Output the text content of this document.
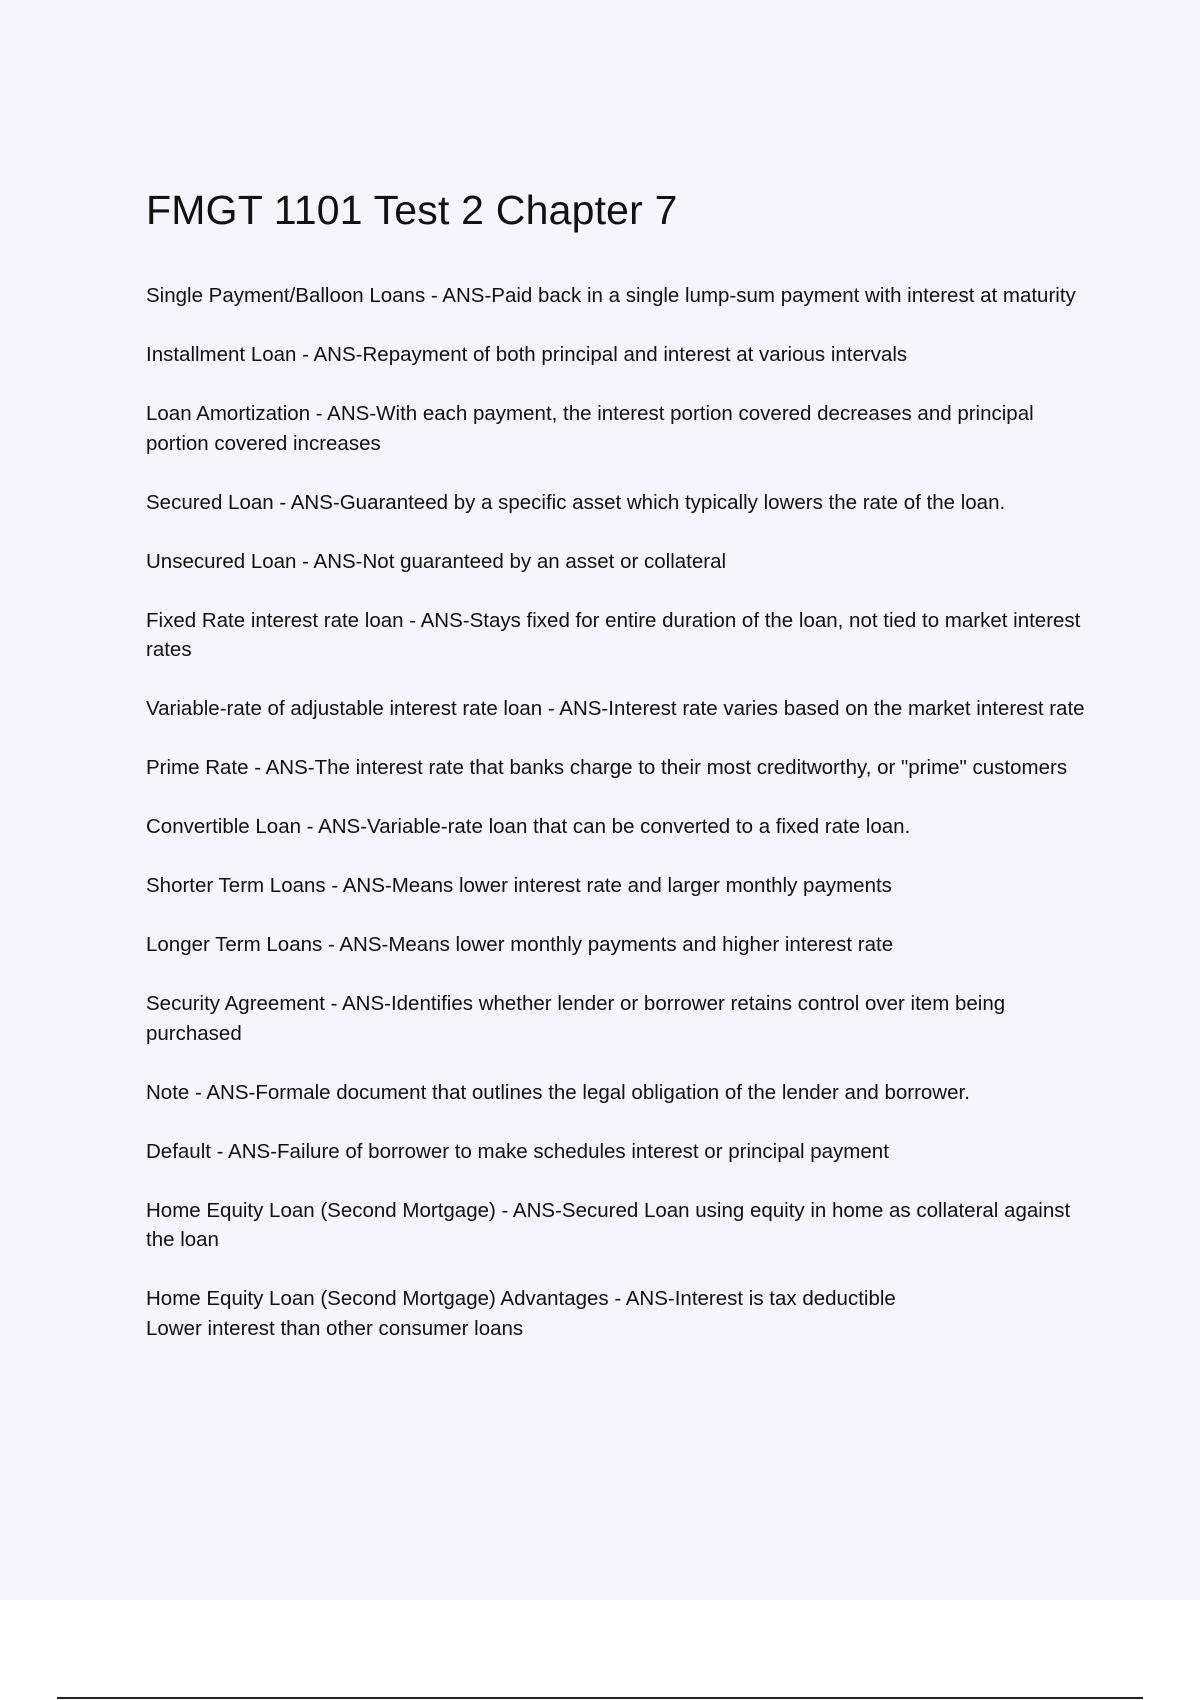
FMGT 1101 Test 2 Chapter 7
Single Payment/Balloon Loans - ANS-Paid back in a single lump-sum payment with interest at maturity
Installment Loan - ANS-Repayment of both principal and interest at various intervals
Loan Amortization - ANS-With each payment, the interest portion covered decreases and principal portion covered increases
Secured Loan - ANS-Guaranteed by a specific asset which typically lowers the rate of the loan.
Unsecured Loan - ANS-Not guaranteed by an asset or collateral
Fixed Rate interest rate loan - ANS-Stays fixed for entire duration of the loan, not tied to market interest rates
Variable-rate of adjustable interest rate loan - ANS-Interest rate varies based on the market interest rate
Prime Rate - ANS-The interest rate that banks charge to their most creditworthy, or "prime" customers
Convertible Loan - ANS-Variable-rate loan that can be converted to a fixed rate loan.
Shorter Term Loans - ANS-Means lower interest rate and larger monthly payments
Longer Term Loans - ANS-Means lower monthly payments and higher interest rate
Security Agreement - ANS-Identifies whether lender or borrower retains control over item being purchased
Note - ANS-Formale document that outlines the legal obligation of the lender and borrower.
Default - ANS-Failure of borrower to make schedules interest or principal payment
Home Equity Loan (Second Mortgage) - ANS-Secured Loan using equity in home as collateral against the loan
Home Equity Loan (Second Mortgage) Advantages - ANS-Interest is tax deductible
Lower interest than other consumer loans
